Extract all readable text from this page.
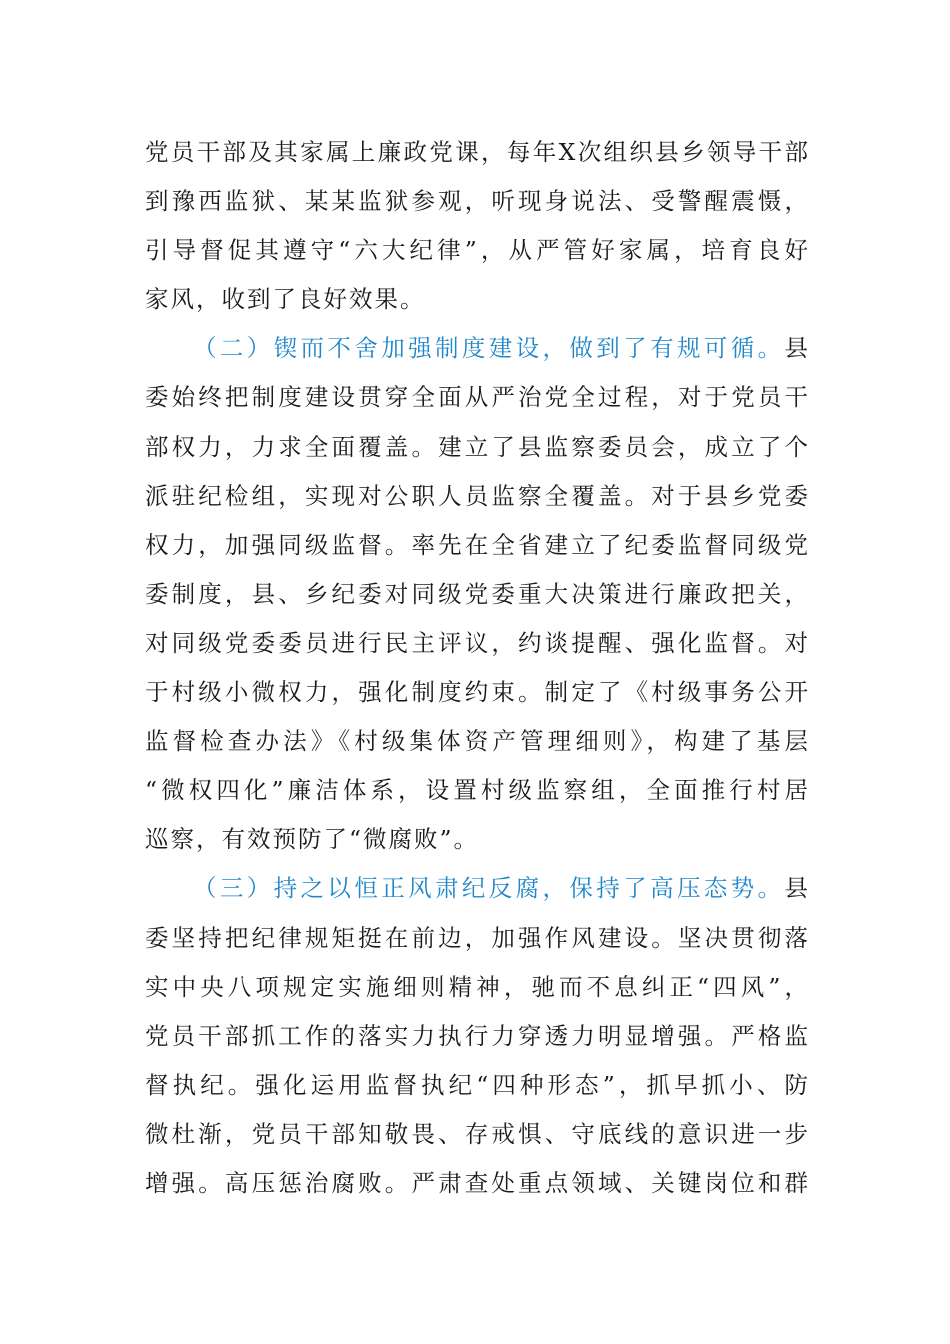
党员干部及其家属上廉政党课，每年X次组织县乡领导干部
到豫西监狱、某某监狱参观，听现身说法、受警醒震慑，
引导督促其遵守“六大纪律”，从严管好家属，培育良好
家风，收到了良好效果。
（二）锲而不舍加强制度建设，做到了有规可循。县
委始终把制度建设贯穿全面从严治党全过程，对于党员干
部权力，力求全面覆盖。建立了县监察委员会，成立了个
派驻纪检组，实现对公职人员监察全覆盖。对于县乡党委
权力，加强同级监督。率先在全省建立了纪委监督同级党
委制度，县、乡纪委对同级党委重大决策进行廉政把关，
对同级党委委员进行民主评议，约谈提醒、强化监督。对
于村级小微权力，强化制度约束。制定了《村级事务公开
监督检查办法》《村级集体资产管理细则》，构建了基层
“微权四化”廉洁体系，设置村级监察组，全面推行村居
巡察，有效预防了“微腐败”。
（三）持之以恒正风肃纪反腐，保持了高压态势。县
委坚持把纪律规矩挺在前边，加强作风建设。坚决贯彻落
实中央八项规定实施细则精神，驰而不息纠正“四风”，
党员干部抓工作的落实力执行力穿透力明显增强。严格监
督执纪。强化运用监督执纪“四种形态”，抓早抓小、防
微杜渐，党员干部知敬畏、存戒惧、守底线的意识进一步
增强。高压惩治腐败。严肃查处重点领域、关键岗位和群
